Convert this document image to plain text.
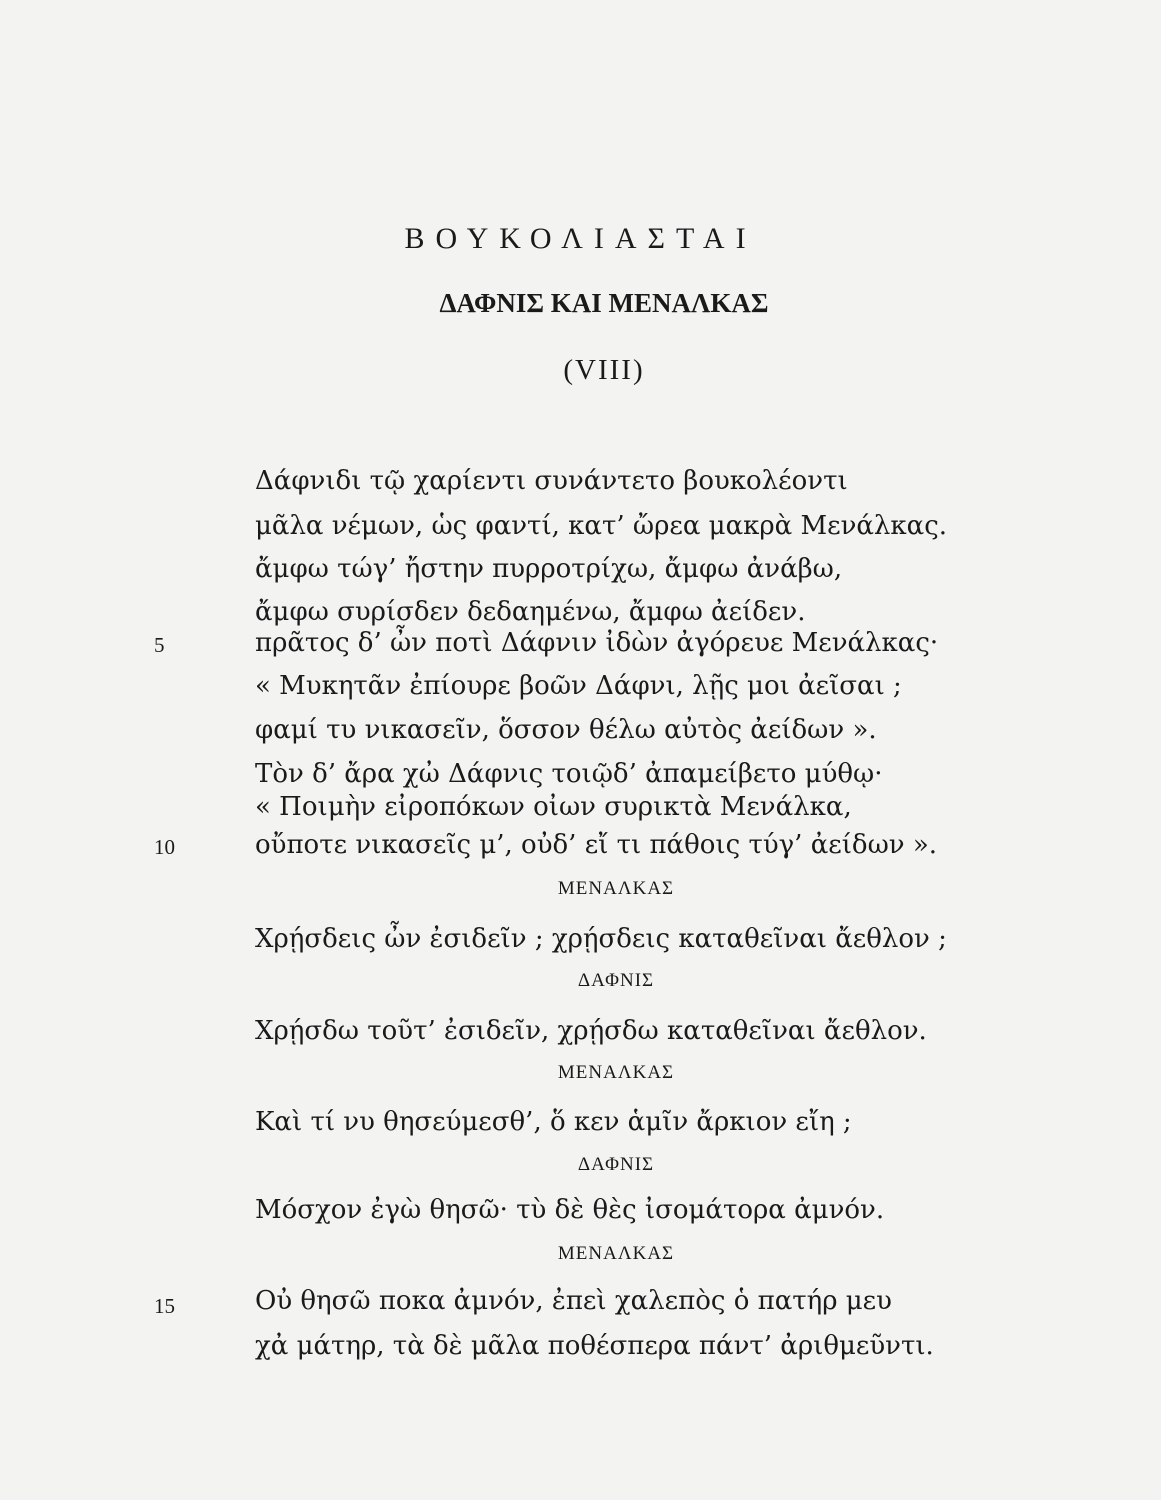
ΒΟΥΚΟΛΙΑΣΤΑΙ
ΔΑΦΝΙΣ ΚΑΙ ΜΕΝΑΛΚΑΣ
(VIII)
Δάφνιδι τῷ χαρίεντι συνάντετο βουκολέοντι
μᾶλα νέμων, ὡς φαντί, κατ’ ὤρεα μακρὰ Μενάλκας.
ἄμφω τώγ’ ἤστην πυρροτρίχω, ἄμφω ἀνάβω,
ἄμφω συρίσδεν δεδαημένω, ἄμφω ἀείδεν.
5	πρᾶτος δ’ ὦν ποτὶ Δάφνιν ἰδὼν ἀγόρευε Μενάλκας·
« Μυκητᾶν ἐπίουρε βοῶν Δάφνι, λῇς μοι ἀεῖσαι ;
φαμί τυ νικασεῖν, ὅσσον θέλω αὐτὸς ἀείδων ».
Τὸν δ’ ἄρα χὠ Δάφνις τοιῷδ’ ἀπαμείβετο μύθῳ·
« Ποιμὴν εἰροπόκων οἰων συρικτὰ Μενάλκα,
10	οὔποτε νικασεῖς μ’, οὐδ’ εἴ τι πάθοις τύγ’ ἀείδων ».
ΜΕΝΑΛΚΑΣ
Χρῄσδεις ὦν ἐσιδεῖν ; χρῄσδεις καταθεῖναι ἄεθλον ;
ΔΑΦΝΙΣ
Χρῄσδω τοῦτ’ ἐσιδεῖν, χρῄσδω καταθεῖναι ἄεθλον.
ΜΕΝΑΛΚΑΣ
Καὶ τί νυ θησεύμεσθ’, ὅ κεν ἁμῖν ἄρκιον εἴη ;
ΔΑΦΝΙΣ
Μόσχον ἐγὼ θησῶ· τὺ δὲ θὲς ἰσομάτορα ἀμνόν.
ΜΕΝΑΛΚΑΣ
15	Οὐ θησῶ ποκα ἀμνόν, ἐπεὶ χαλεπὸς ὁ πατήρ μευ
χἀ μάτηρ, τὰ δὲ μᾶλα ποθέσπερα πάντ’ ἀριθμεῦντι.
